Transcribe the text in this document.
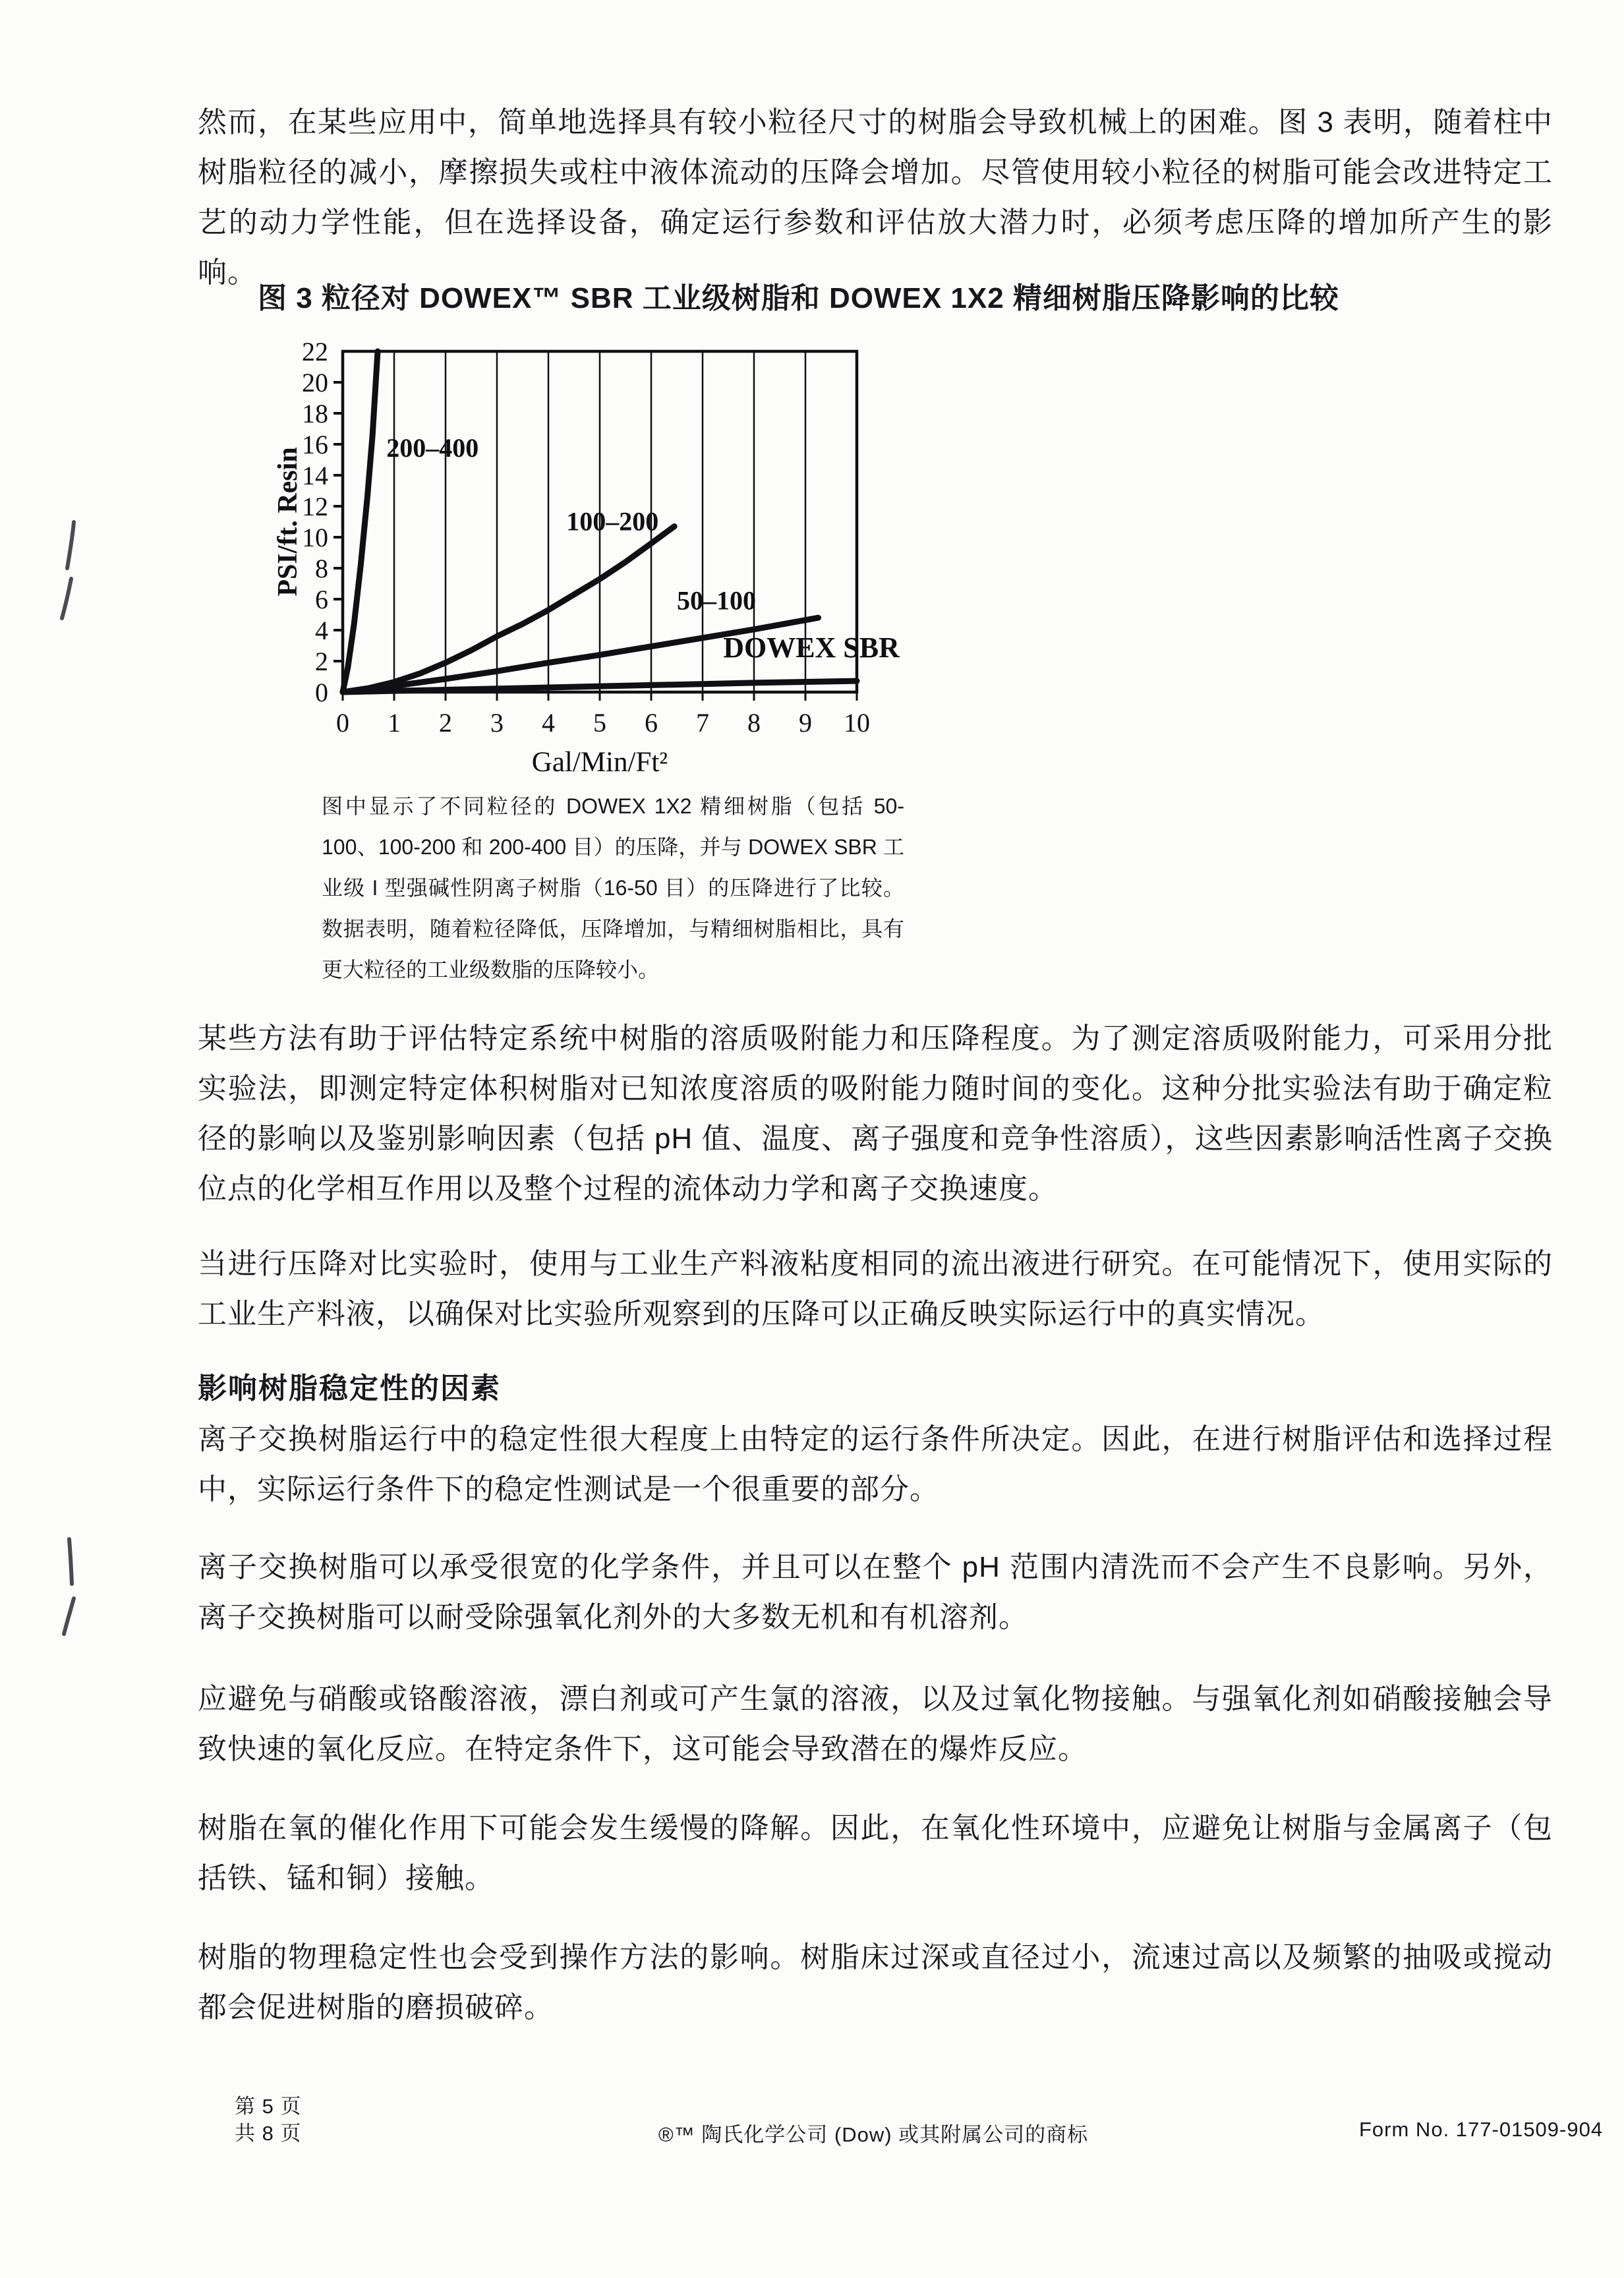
然而，在某些应用中，简单地选择具有较小粒径尺寸的树脂会导致机械上的困难。图 3 表明，随着柱中树脂粒径的减小，摩擦损失或柱中液体流动的压降会增加。尽管使用较小粒径的树脂可能会改进特定工艺的动力学性能，但在选择设备，确定运行参数和评估放大潜力时，必须考虑压降的增加所产生的影响。
图 3 粒径对 DOWEX™ SBR 工业级树脂和 DOWEX 1X2 精细树脂压降影响的比较
0
2
4
6
8
10
12
14
16
18
20
22
0 1 2 3 4 5 6 7 8 9 10
Gal/Min/Ft²
PSI/ft. Resin	200–400
100–200
50–100
DOWEX SBR
图中显示了不同粒径的 DOWEX 1X2 精细树脂（包括 50-100、100-200 和 200-400 目）的压降，并与 DOWEX SBR 工业级 I 型强碱性阴离子树脂（16-50 目）的压降进行了比较。数据表明，随着粒径降低，压降增加，与精细树脂相比，具有更大粒径的工业级数脂的压降较小。
某些方法有助于评估特定系统中树脂的溶质吸附能力和压降程度。为了测定溶质吸附能力，可采用分批实验法，即测定特定体积树脂对已知浓度溶质的吸附能力随时间的变化。这种分批实验法有助于确定粒径的影响以及鉴别影响因素（包括 pH 值、温度、离子强度和竞争性溶质），这些因素影响活性离子交换位点的化学相互作用以及整个过程的流体动力学和离子交换速度。
当进行压降对比实验时，使用与工业生产料液粘度相同的流出液进行研究。在可能情况下，使用实际的工业生产料液，以确保对比实验所观察到的压降可以正确反映实际运行中的真实情况。
影响树脂稳定性的因素
离子交换树脂运行中的稳定性很大程度上由特定的运行条件所决定。因此，在进行树脂评估和选择过程中，实际运行条件下的稳定性测试是一个很重要的部分。
离子交换树脂可以承受很宽的化学条件，并且可以在整个 pH 范围内清洗而不会产生不良影响。另外，离子交换树脂可以耐受除强氧化剂外的大多数无机和有机溶剂。
应避免与硝酸或铬酸溶液，漂白剂或可产生氯的溶液，以及过氧化物接触。与强氧化剂如硝酸接触会导致快速的氧化反应。在特定条件下，这可能会导致潜在的爆炸反应。
树脂在氧的催化作用下可能会发生缓慢的降解。因此，在氧化性环境中，应避免让树脂与金属离子（包括铁、锰和铜）接触。
树脂的物理稳定性也会受到操作方法的影响。树脂床过深或直径过小，流速过高以及频繁的抽吸或搅动都会促进树脂的磨损破碎。
第 5 页
共 8 页	®™ 陶氏化学公司 (Dow) 或其附属公司的商标	Form No. 177-01509-904
